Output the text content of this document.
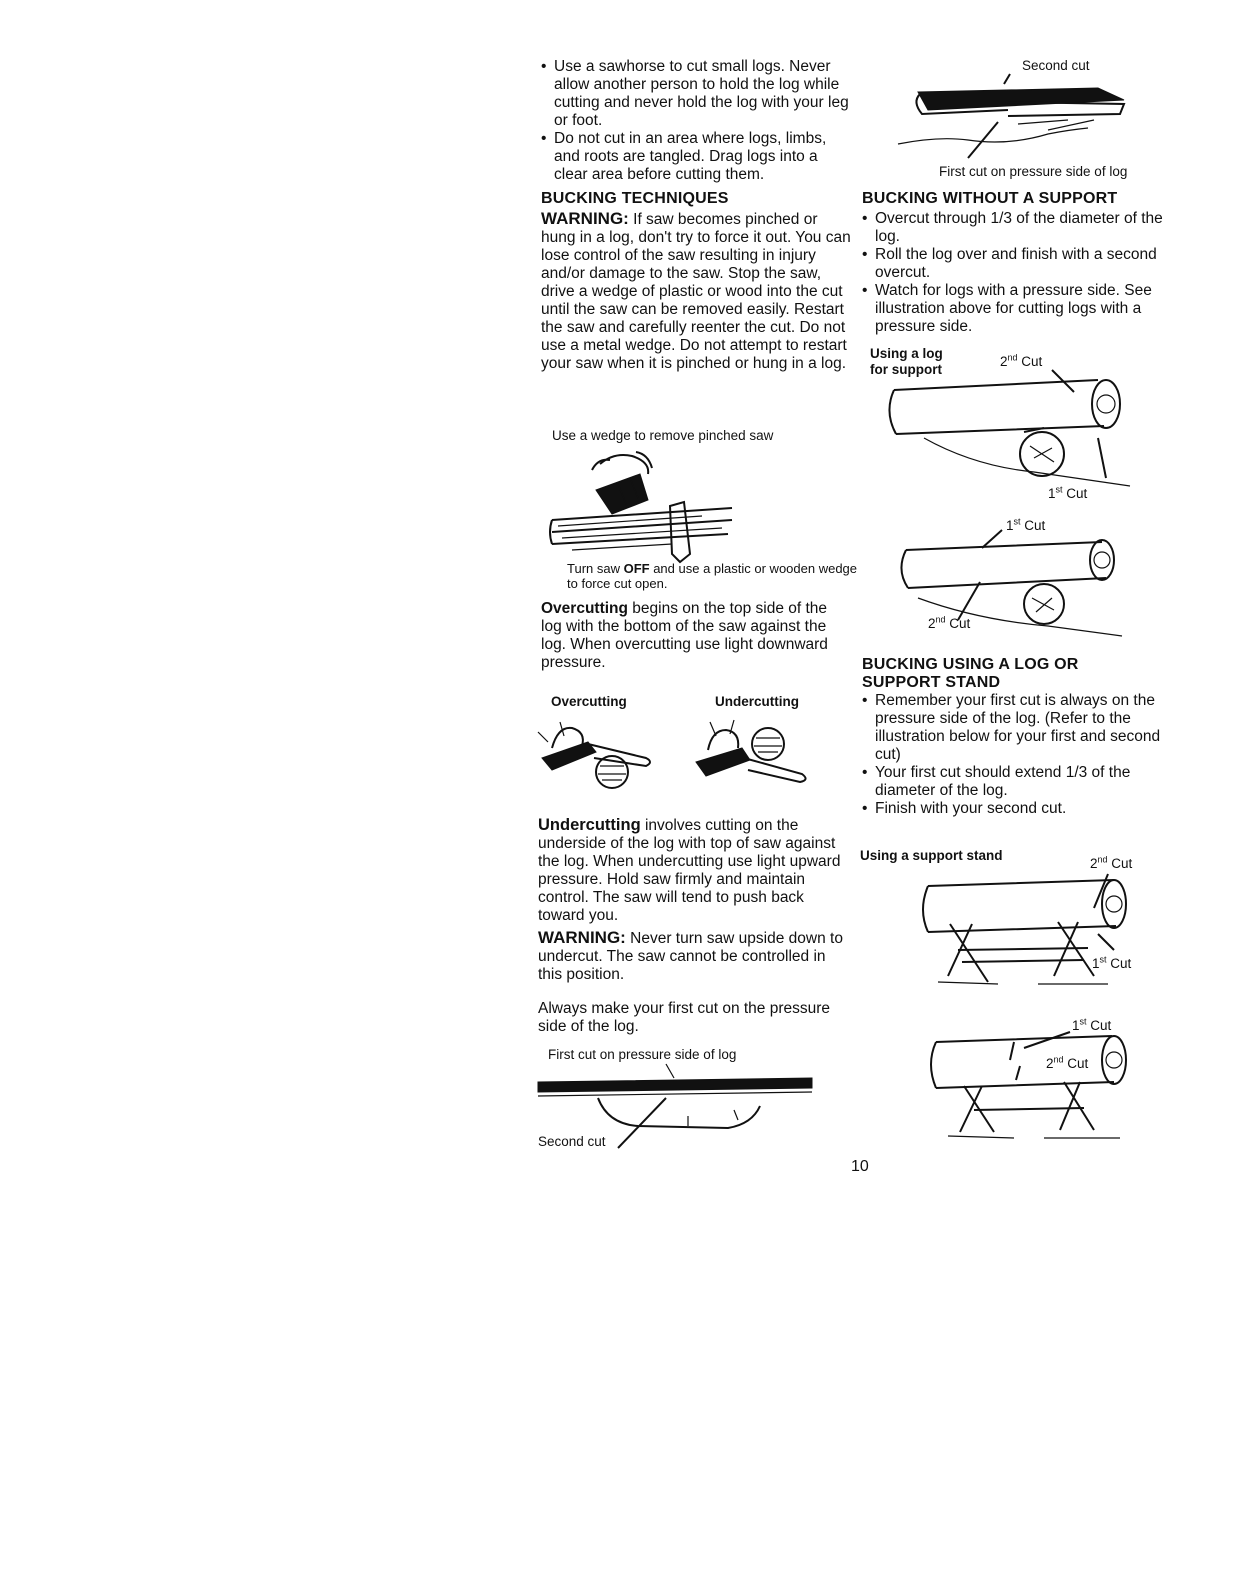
• Use a sawhorse to cut small logs. Never allow another person to hold the log while cutting and never hold the log with your leg or foot.
• Do not cut in an area where logs, limbs, and roots are tangled. Drag logs into a clear area before cutting them.
BUCKING TECHNIQUES

WARNING: If saw becomes pinched or hung in a log, don't try to force it out. You can lose control of the saw resulting in injury and/or damage to the saw. Stop the saw, drive a wedge of plastic or wood into the cut until the saw can be removed easily. Restart the saw and carefully reenter the cut. Do not use a metal wedge. Do not attempt to restart your saw when it is pinched or hung in a log.

Use a wedge to remove pinched saw
Turn saw OFF and use a plastic or wooden wedge to force cut open.

Overcutting begins on the top side of the log with the bottom of the saw against the log. When overcutting use light downward pressure.

Overcutting	Undercutting

Undercutting involves cutting on the underside of the log with top of saw against the log. When undercutting use light upward pressure. Hold saw firmly and maintain control. The saw will tend to push back toward you.

WARNING: Never turn saw upside down to undercut. The saw cannot be controlled in this position.

Always make your first cut on the pressure side of the log.

First cut on pressure side of log
Second cut
Second cut
First cut on pressure side of log
BUCKING WITHOUT A SUPPORT
• Overcut through 1/3 of the diameter of the log.
• Roll the log over and finish with a second overcut.
• Watch for logs with a pressure side. See illustration above for cutting logs with a pressure side.
Using a log
for support
2nd Cut
1st Cut
1st Cut
2nd Cut
BUCKING USING A LOG OR
SUPPORT STAND
• Remember your first cut is always on the pressure side of the log. (Refer to the illustration below for your first and second cut)
• Your first cut should extend 1/3 of the diameter of the log.
• Finish with your second cut.
Using a support stand
2nd Cut
1st Cut
1st Cut
2nd Cut
10
